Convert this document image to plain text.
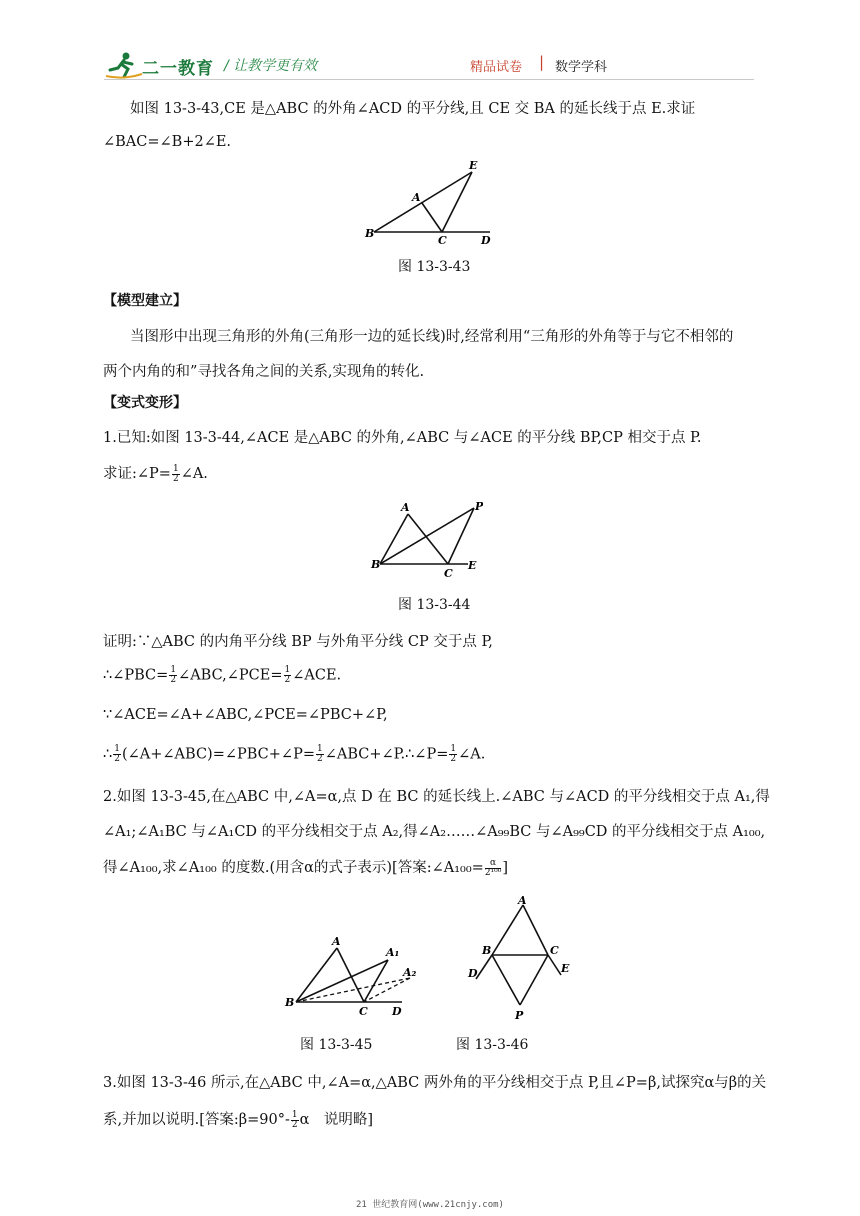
二一教育 / 让教学更有效	精品试卷 | 数学学科
如图 13-3-43,CE 是△ABC 的外角∠ACD 的平分线,且 CE 交 BA 的延长线于点 E.求证
∠BAC=∠B+2∠E.
E
A
B
C	D
图 13-3-43
【模型建立】
当图形中出现三角形的外角(三角形一边的延长线)时,经常利用“三角形的外角等于与它不相邻的
两个内角的和”寻找各角之间的关系,实现角的转化.
【变式变形】
1.已知:如图 13-3-44,∠ACE 是△ABC 的外角,∠ABC 与∠ACE 的平分线 BP,CP 相交于点 P.
求证:∠P= $\frac{1}{2}$ ∠A.
A	P
B
C
E
图 13-3-44
证明:∵△ABC 的内角平分线 BP 与外角平分线 CP 交于点 P,
∴∠PBC= $\frac{1}{2}$ ∠ABC,∠PCE= $\frac{1}{2}$ ∠ACE.
∵∠ACE=∠A+∠ABC,∠PCE=∠PBC+∠P,
∴ $\frac{1}{2}$ (∠A+∠ABC)=∠PBC+∠P= $\frac{1}{2}$ ∠ABC+∠P.∴∠P= $\frac{1}{2}$ ∠A.
2.如图 13-3-45,在△ABC 中,∠A=α,点 D 在 BC 的延长线上.∠ABC 与∠ACD 的平分线相交于点 A₁,得
∠A₁;∠A₁BC 与∠A₁CD 的平分线相交于点 A₂,得∠A₂……∠A₉₉BC 与∠A₉₉CD 的平分线相交于点 A₁₀₀,
得∠A₁₀₀,求∠A₁₀₀ 的度数.(用含α的式子表示)[答案:∠A₁₀₀= $\frac{\alpha}{\text{2¹⁰⁰}}$ ]
A
A₁
A₂
B
C D
A
B	C
D	E
P
图 13-3-45	图 13-3-46
3.如图 13-3-46 所示,在△ABC 中,∠A=α,△ABC 两外角的平分线相交于点 P,且∠P=β,试探究α与β的关
系,并加以说明.[答案:β=90°- $\frac{1}{2}$ α　说明略]
21 世纪教育网(www.21cnjy.com)
